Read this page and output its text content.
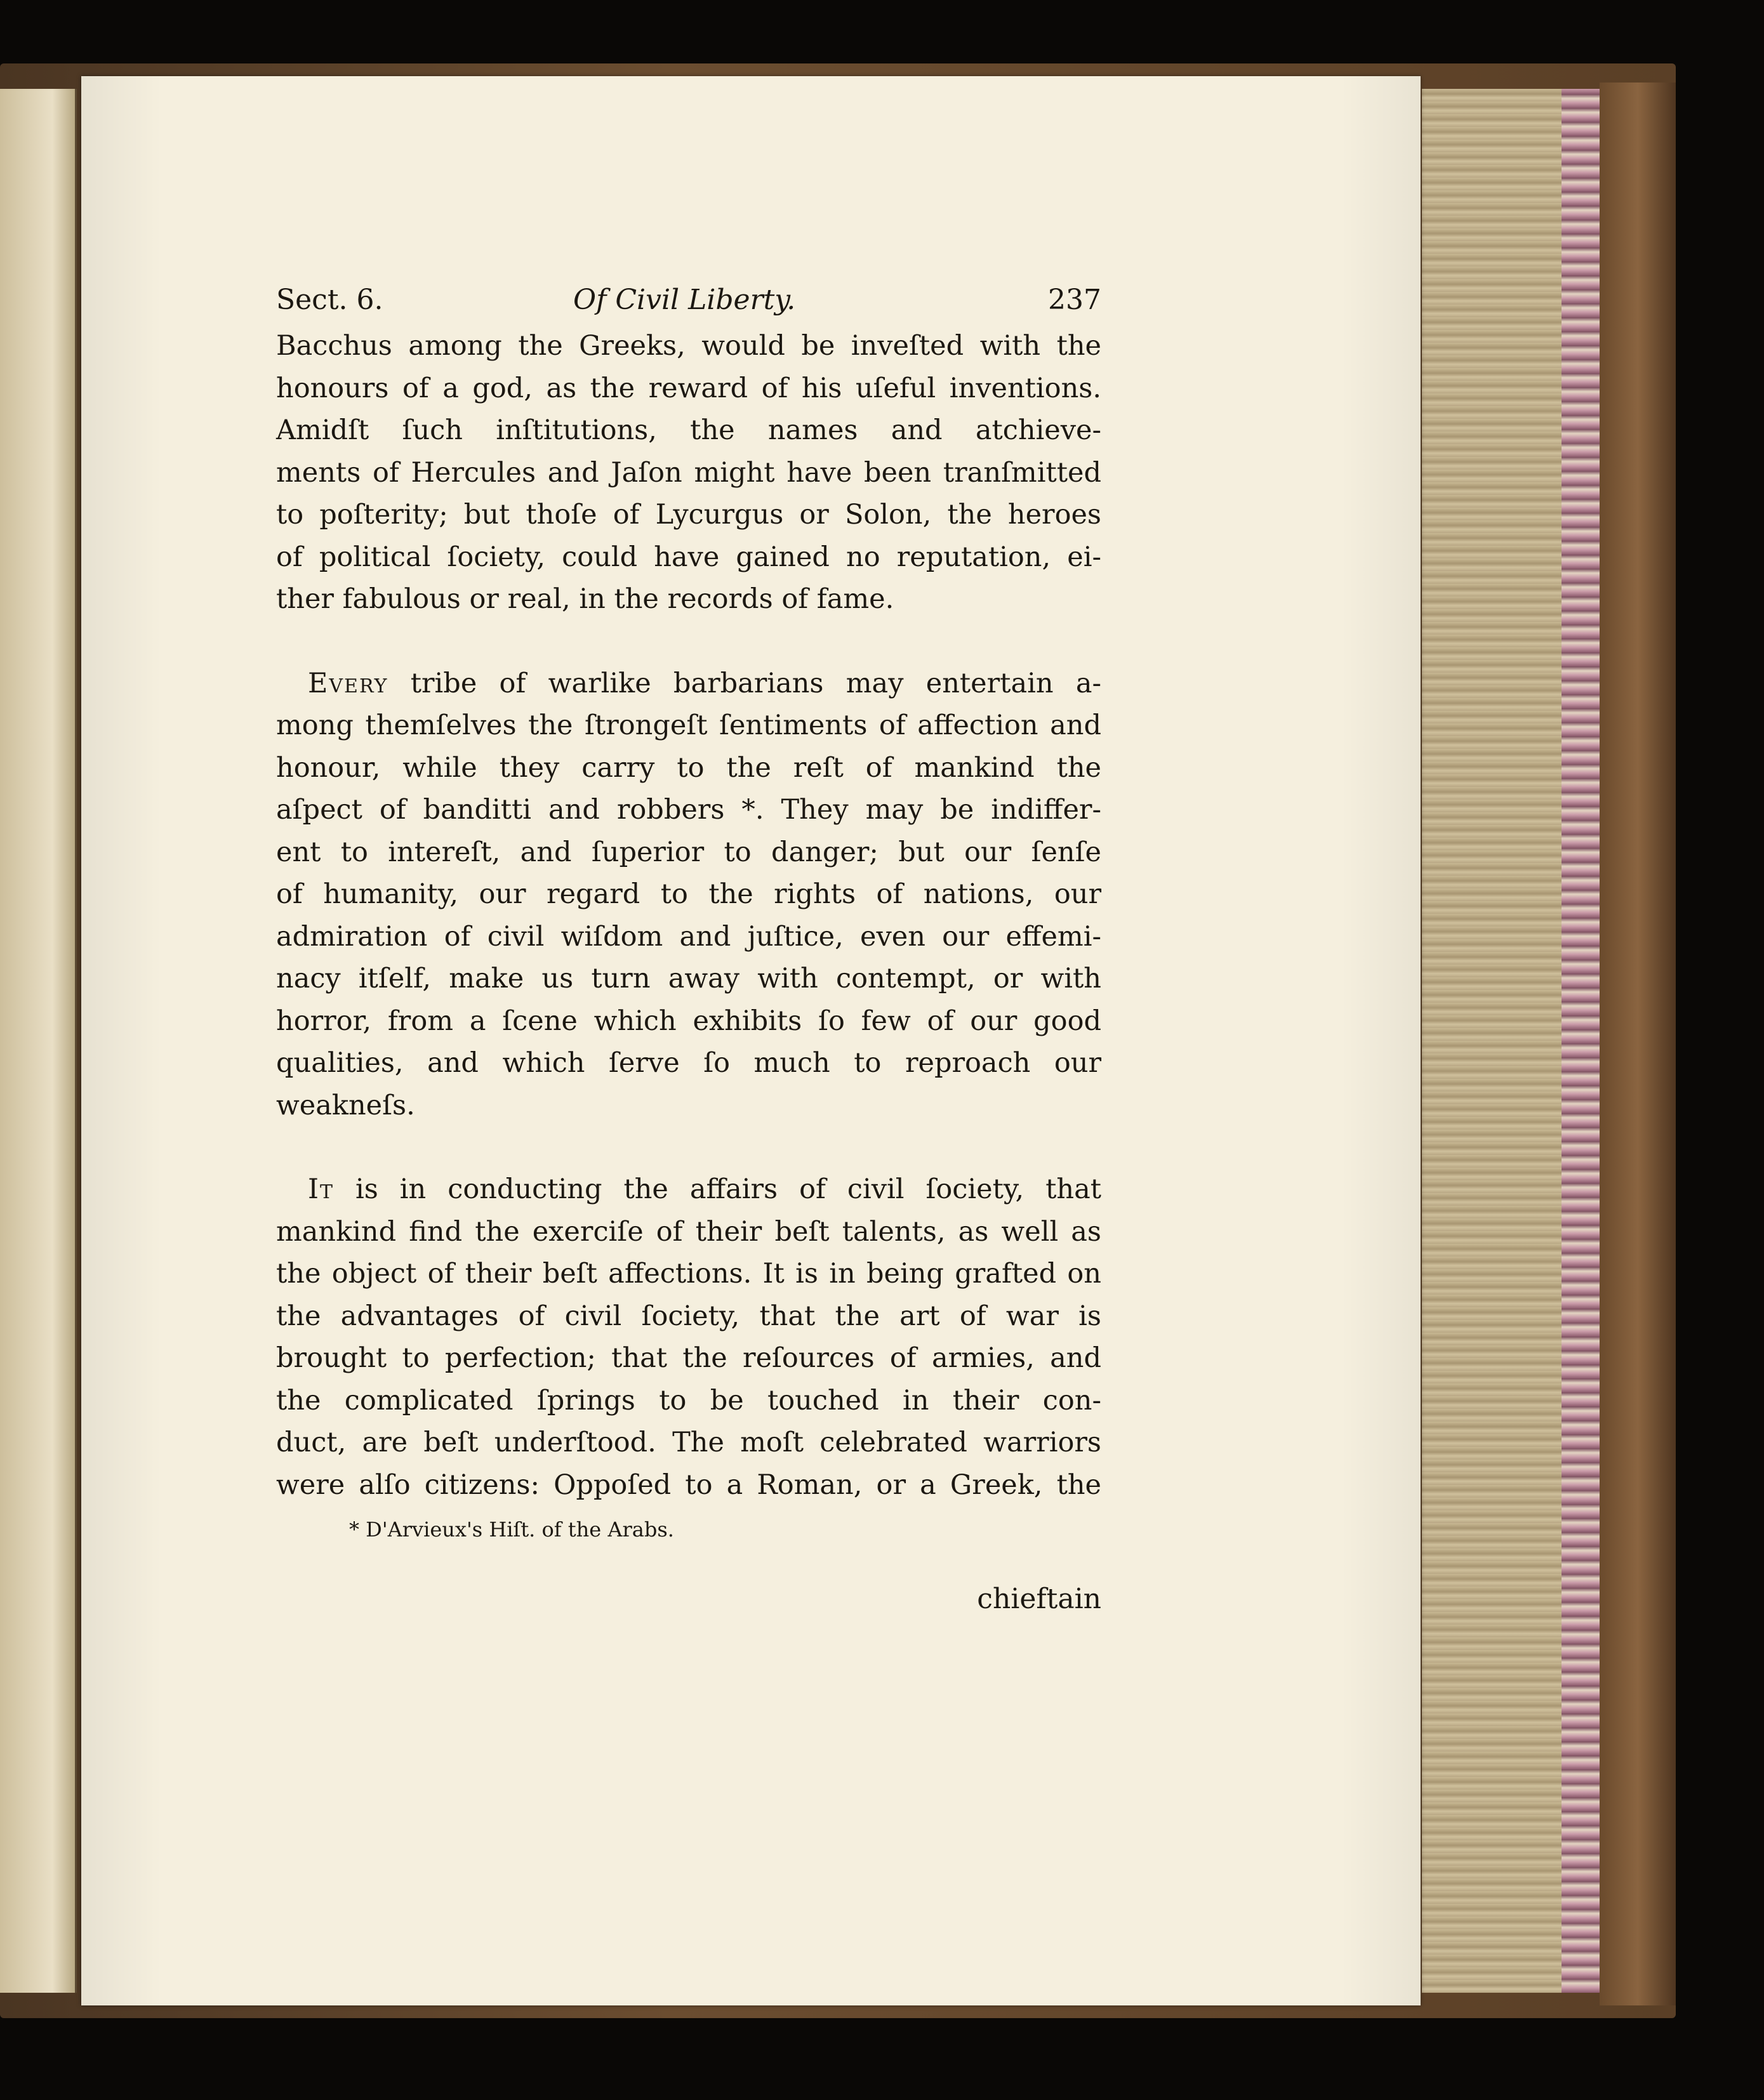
Sect. 6.	Of Civil Liberty.	237
Bacchus among the Greeks, would be inveſted with the
honours of a god, as the reward of his uſeful inventions.
Amidſt ſuch inſtitutions, the names and atchieve-
ments of Hercules and Jaſon might have been tranſmitted
to poſterity; but thoſe of Lycurgus or Solon, the heroes
of political ſociety, could have gained no reputation, ei-
ther fabulous or real, in the records of fame.
Every tribe of warlike barbarians may entertain a-
mong themſelves the ſtrongeſt ſentiments of affection and
honour, while they carry to the reſt of mankind the
aſpect of banditti and robbers *. They may be indiffer-
ent to intereſt, and ſuperior to danger; but our ſenſe
of humanity, our regard to the rights of nations, our
admiration of civil wiſdom and juſtice, even our effemi-
nacy itſelf, make us turn away with contempt, or with
horror, from a ſcene which exhibits ſo few of our good
qualities, and which ſerve ſo much to reproach our
weakneſs.
It is in conducting the affairs of civil ſociety, that
mankind find the exerciſe of their beſt talents, as well as
the object of their beſt affections. It is in being grafted on
the advantages of civil ſociety, that the art of war is
brought to perfection; that the reſources of armies, and
the complicated ſprings to be touched in their con-
duct, are beſt underſtood. The moſt celebrated warriors
were alſo citizens: Oppoſed to a Roman, or a Greek, the
* D'Arvieux's Hiſt. of the Arabs.
chieftain
